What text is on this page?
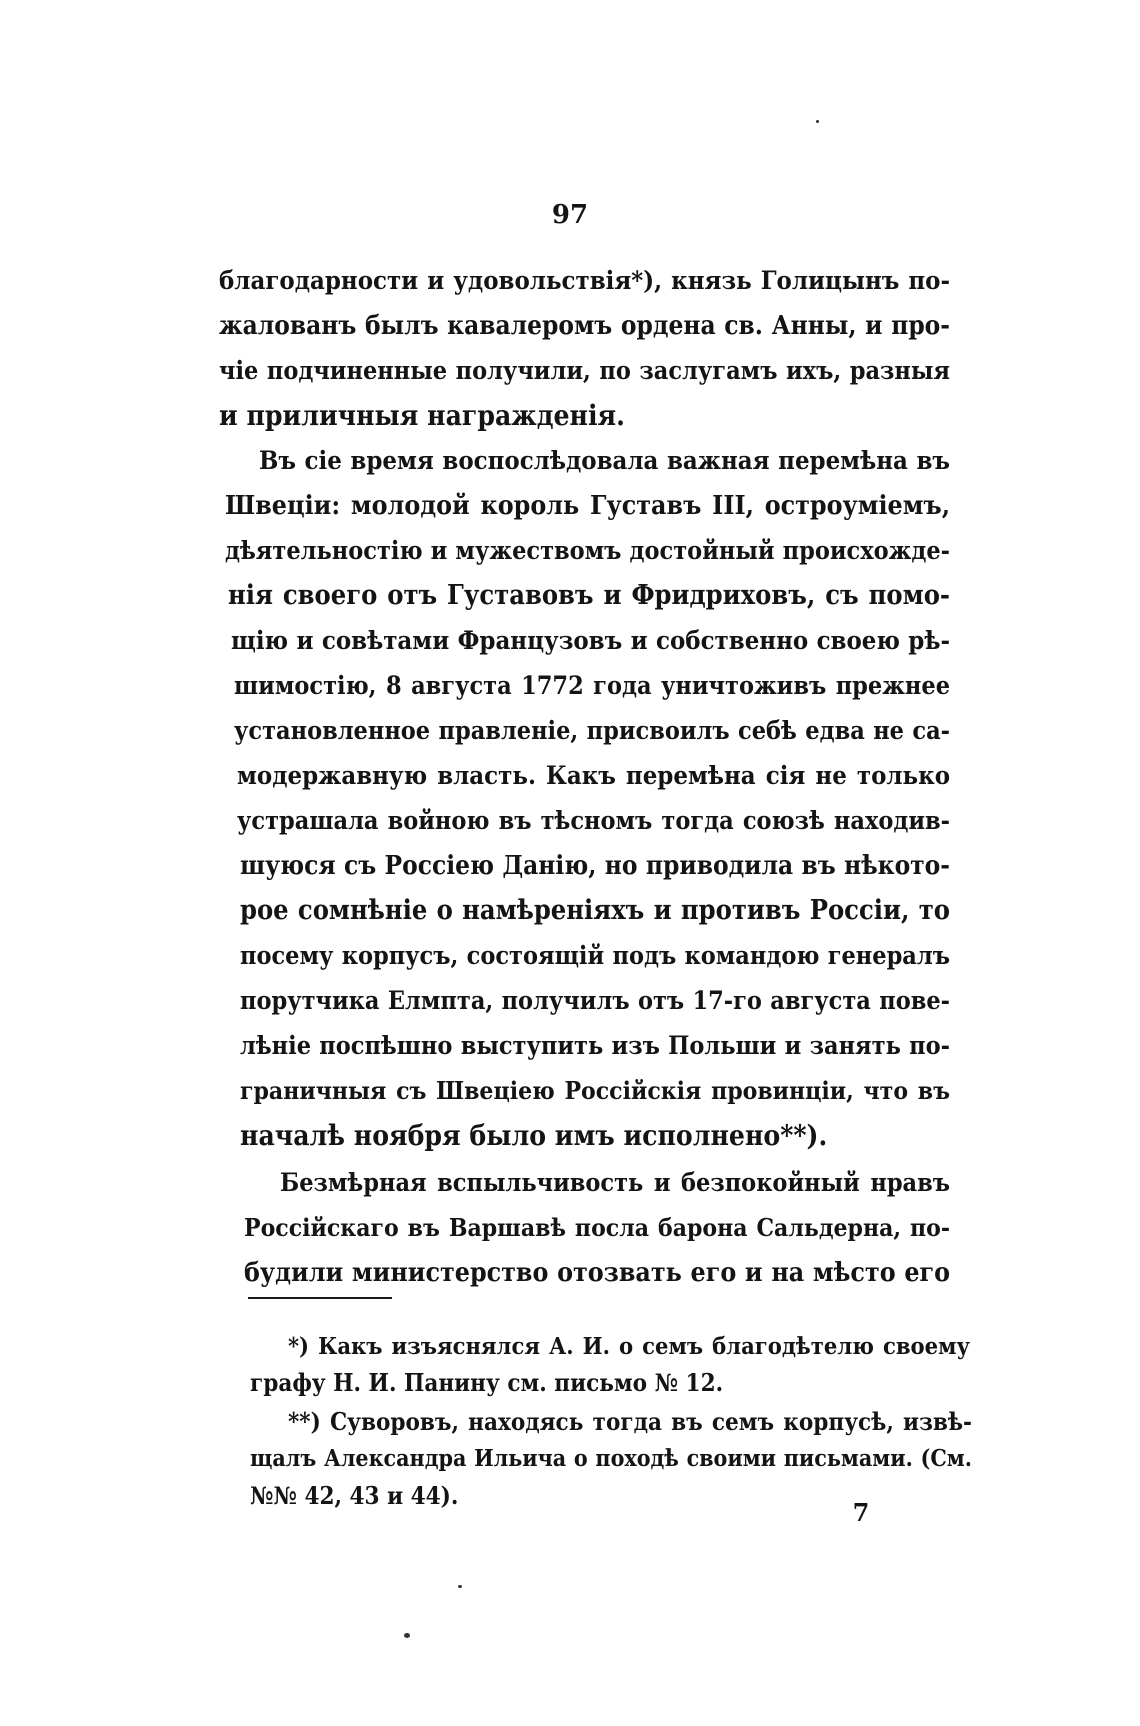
97

благодарности и удовольствія*), князь Голицынъ по-

жалованъ былъ кавалеромъ ордена св. Анны, и про-

чіе подчиненные получили, по заслугамъ ихъ, разныя

и приличныя награжденія.

Въ сіе время воспослѣдовала важная перемѣна въ

Швеціи: молодой король Густавъ III, остроуміемъ,

дѣятельностію и мужествомъ достойный происхожде-

нія своего отъ Густавовъ и Фридриховъ, съ помо-

щію и совѣтами Французовъ и собственно своею рѣ-

шимостію, 8 августа 1772 года уничтоживъ прежнее

установленное правленіе, присвоилъ себѣ едва не са-

модержавную власть. Какъ перемѣна сія не только

устрашала войною въ тѣсномъ тогда союзѣ находив-

шуюся съ Россіею Данію, но приводила въ нѣкото-

рое сомнѣніе о намѣреніяхъ и противъ Россіи, то

посему корпусъ, состоящій подъ командою генералъ

порутчика Елмпта, получилъ отъ 17-го августа пове-

лѣніе поспѣшно выступить изъ Польши и занять по-

граничныя съ Швеціею Россійскія провинціи, что въ

началѣ ноября было имъ исполнено**).

Безмѣрная вспыльчивость и безпокойный нравъ

Россійскаго въ Варшавѣ посла барона Сальдерна, по-

будили министерство отозвать его и на мѣсто его

*) Какъ изъяснялся А. И. о семъ благодѣтелю своему

графу Н. И. Панину см. письмо № 12.

**) Суворовъ, находясь тогда въ семъ корпусѣ, извѣ-

щалъ Александра Ильича о походѣ своими письмами. (См.

№№ 42, 43 и 44).

7
